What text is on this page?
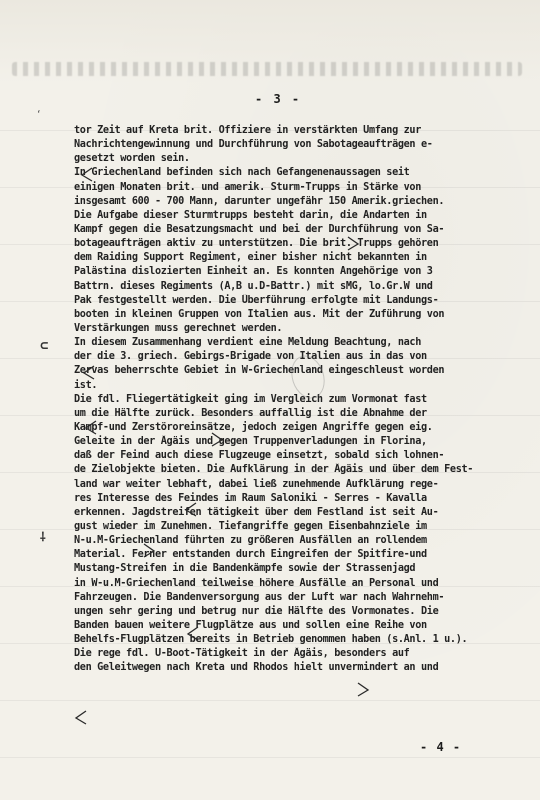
- 3 -
‘
tor Zeit auf Kreta brit. Offiziere in verstärkten Umfang zur
Nachrichtengewinnung und Durchführung von Sabotageaufträgen e-
gesetzt worden sein.
In Griechenland befinden sich nach Gefangenenaussagen seit
einigen Monaten brit. und amerik. Sturm-Trupps in Stärke von
insgesamt 600 - 700 Mann, darunter ungefähr 150 Amerik.griechen.
Die Aufgabe dieser Sturmtrupps besteht darin, die Andarten in
Kampf gegen die Besatzungsmacht und bei der Durchführung von Sa-
botageaufträgen aktiv zu unterstützen. Die brit. Trupps gehören
dem Raiding Support Regiment, einer bisher nicht bekannten in
Palästina dislozierten Einheit an. Es konnten Angehörige von 3
Battrn. dieses Regiments (A,B u.D-Battr.) mit sMG, lo.Gr.W und
Pak festgestellt werden. Die Überführung erfolgte mit Landungs-
booten in kleinen Gruppen von Italien aus. Mit der Zuführung von
Verstärkungen muss gerechnet werden.
In diesem Zusammenhang verdient eine Meldung Beachtung, nach
der die 3. griech. Gebirgs-Brigade von Italien aus in das von
Zervas beherrschte Gebiet in W-Griechenland eingeschleust worden
ist.
Die fdl. Fliegertätigkeit ging im Vergleich zum Vormonat fast
um die Hälfte zurück. Besonders auffallig ist die Abnahme der
Kampf-und Zerstöroreinsätze, jedoch zeigen Angriffe gegen eig.
Geleite in der Ägäis und gegen Truppenverladungen in Florina,
daß der Feind auch diese Flugzeuge einsetzt, sobald sich lohnen-
de Zielobjekte bieten. Die Aufklärung in der Ägäis und über dem Fest-
land war weiter lebhaft, dabei ließ zunehmende Aufklärung rege-
res Interesse des Feindes im Raum Saloniki - Serres - Kavalla
erkennen. Jagdstreifen tätigkeit über dem Festland ist seit Au-
gust wieder im Zunehmen. Tiefangriffe gegen Eisenbahnziele im
N-u.M-Griechenland führten zu größeren Ausfällen an rollendem
Material. Ferner entstanden durch Eingreifen der Spitfire-und
Mustang-Streifen in die Bandenkämpfe sowie der Strassenjagd
in W-u.M-Griechenland teilweise höhere Ausfälle an Personal und
Fahrzeugen. Die Bandenversorgung aus der Luft war nach Wahrnehm-
ungen sehr gering und betrug nur die Hälfte des Vormonates. Die
Banden bauen weitere Flugplätze aus und sollen eine Reihe von
Behelfs-Flugplätzen bereits in Betrieb genommen haben (s.Anl. 1 u.).
Die rege fdl. U-Boot-Tätigkeit in der Ägäis, besonders auf
den Geleitwegen nach Kreta und Rhodos hielt unvermindert an und
⊂
⸸
- 4 -
